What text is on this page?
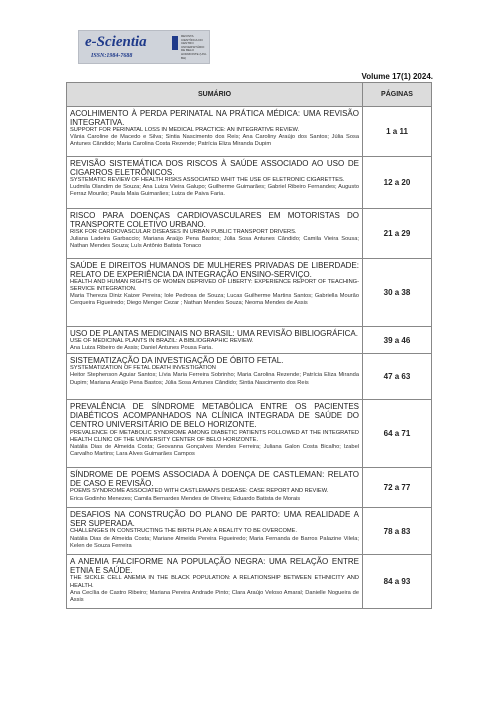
e-Scientia
ISSN:1984-7688
REVISTA CIENTÍFICA DO CENTRO UNIVERSITÁRIO DE BELO HORIZONTE (UNI-BH)
Volume 17(1) 2024.
SUMÁRIO	PÁGINAS

ACOLHIMENTO À PERDA PERINATAL NA PRÁTICA MÉDICA: UMA REVISÃO INTEGRATIVA.
SUPPORT FOR PERINATAL LOSS IN MEDICAL PRACTICE: AN INTEGRATIVE REVIEW.
Vânia Caroline de Macedo e Silva; Sintia Nascimento dos Reis; Ana Caroliny Araújo dos Santos; Júlia Sosa Antunes Cândido; Maria Carolina Costa Rezende; Patrícia Eliza Miranda Dupim	1 a 11

REVISÃO SISTEMÁTICA DOS RISCOS À SAÚDE ASSOCIADO AO USO DE CIGARROS ELETRÔNICOS.
SYSTEMATIC REVIEW OF HEALTH RISKS ASSOCIATED WHIT THE USE OF ELETRONIC CIGARETTES.
Ludmila Olandim de Souza; Ana Luiza Vieira Galupo; Guilherme Guimarães; Gabriel Ribeiro Fernandes; Augusto Ferraz Mourão; Paula Maia Guimarães; Luiza de Paiva Faria.	12 a 20

RISCO PARA DOENÇAS CARDIOVASCULARES EM MOTORISTAS DO TRANSPORTE COLETIVO URBANO.
RISK FOR CARDIOVASCULAR DISEASES IN URBAN PUBLIC TRANSPORT DRIVERS.
Juliana Ladeira Garbaccio; Mariana Araújo Pena Bastos; Júlia Sosa Antunes Cândido; Camila Vieira Sousa; Nathan Mendes Souza; Luís Antônio Batista Tonaco	21 a 29

SAÚDE E DIREITOS HUMANOS DE MULHERES PRIVADAS DE LIBERDADE: RELATO DE EXPERIÊNCIA DA INTEGRAÇÃO ENSINO-SERVIÇO.
HEALTH AND HUMAN RIGHTS OF WOMEN DEPRIVED OF LIBERTY: EXPERIENCE REPORT OF TEACHING-SERVICE INTEGRATION.
Maria Thereza Diniz Kaizer Pereira; Iole Pedrosa de Souza; Lucas Guilherme Martins Santos; Gabriella Mourão Cerqueira Figueiredo; Diego Menger Cezar ; Nathan Mendes Souza; Neoma Mendes de Assis	30 a 38

USO DE PLANTAS MEDICINAIS NO BRASIL: UMA REVISÃO BIBLIOGRÁFICA.
USE OF MEDICINAL PLANTS IN BRAZIL: A BIBLIOGRAPHIC REVIEW.
Ana Luiza Ribeiro de Assis; Daniel Antunes Pousa Faria.	39 a 46

SISTEMATIZAÇÃO DA INVESTIGAÇÃO DE ÓBITO FETAL.
SYSTEMATIZATION OF FETAL DEATH INVESTIGATION
Heitor Stephenson Aguiar Santos; Lívia Maria Ferreira Sobrinho; Maria Carolina Rezende; Patrícia Eliza Miranda Dupim; Mariana Araújo Pena Bastos; Júlia Sosa Antunes Cândido; Sintia Nascimento dos Reis	47 a 63

PREVALÊNCIA DE SÍNDROME METABÓLICA ENTRE OS PACIENTES DIABÉTICOS ACOMPANHADOS NA CLÍNICA INTEGRADA DE SAÚDE DO CENTRO UNIVERSITÁRIO DE BELO HORIZONTE.
PREVALENCE OF METABOLIC SYNDROME AMONG DIABETIC PATIENTS FOLLOWED AT THE INTEGRATED HEALTH CLINIC OF THE UNIVERSITY CENTER OF BELO HORIZONTE.
Natália Dias de Almeida Costa; Geovanna Gonçalves Mendes Ferreira; Juliana Galon Costa Bicalho; Izabel Carvalho Martins; Lara Alves Guimarães Campos	64 a 71

SÍNDROME DE POEMS ASSOCIADA À DOENÇA DE CASTLEMAN: RELATO DE CASO E REVISÃO.
POEMS SYNDROME ASSOCIATED WITH CASTLEMAN'S DISEASE: CASE REPORT AND REVIEW.
Erica Godinho Menezes; Camila Bernardes Mendes de Oliveira; Eduardo Batista de Morais	72 a 77

DESAFIOS NA CONSTRUÇÃO DO PLANO DE PARTO: UMA REALIDADE A SER SUPERADA.
CHALLENGES IN CONSTRUCTING THE BIRTH PLAN: A REALITY TO BE OVERCOME.
Natália Dias de Almeida Costa; Mariane Almeida Pereira Figueiredo; Maria Fernanda de Barros Palazine Vilela; Kelen de Souza Ferreira	78 a 83

A ANEMIA FALCIFORME NA POPULAÇÃO NEGRA: UMA RELAÇÃO ENTRE ETNIA E SAÚDE.
THE SICKLE CELL ANEMIA IN THE BLACK POPULATION: A RELATIONSHIP BETWEEN ETHNICITY AND HEALTH.
Ana Cecília de Castro Ribeiro; Mariana Pereira Andrade Pinto; Clara Araújo Veloso Amaral; Danielle Nogueira de Assis	84 a 93
